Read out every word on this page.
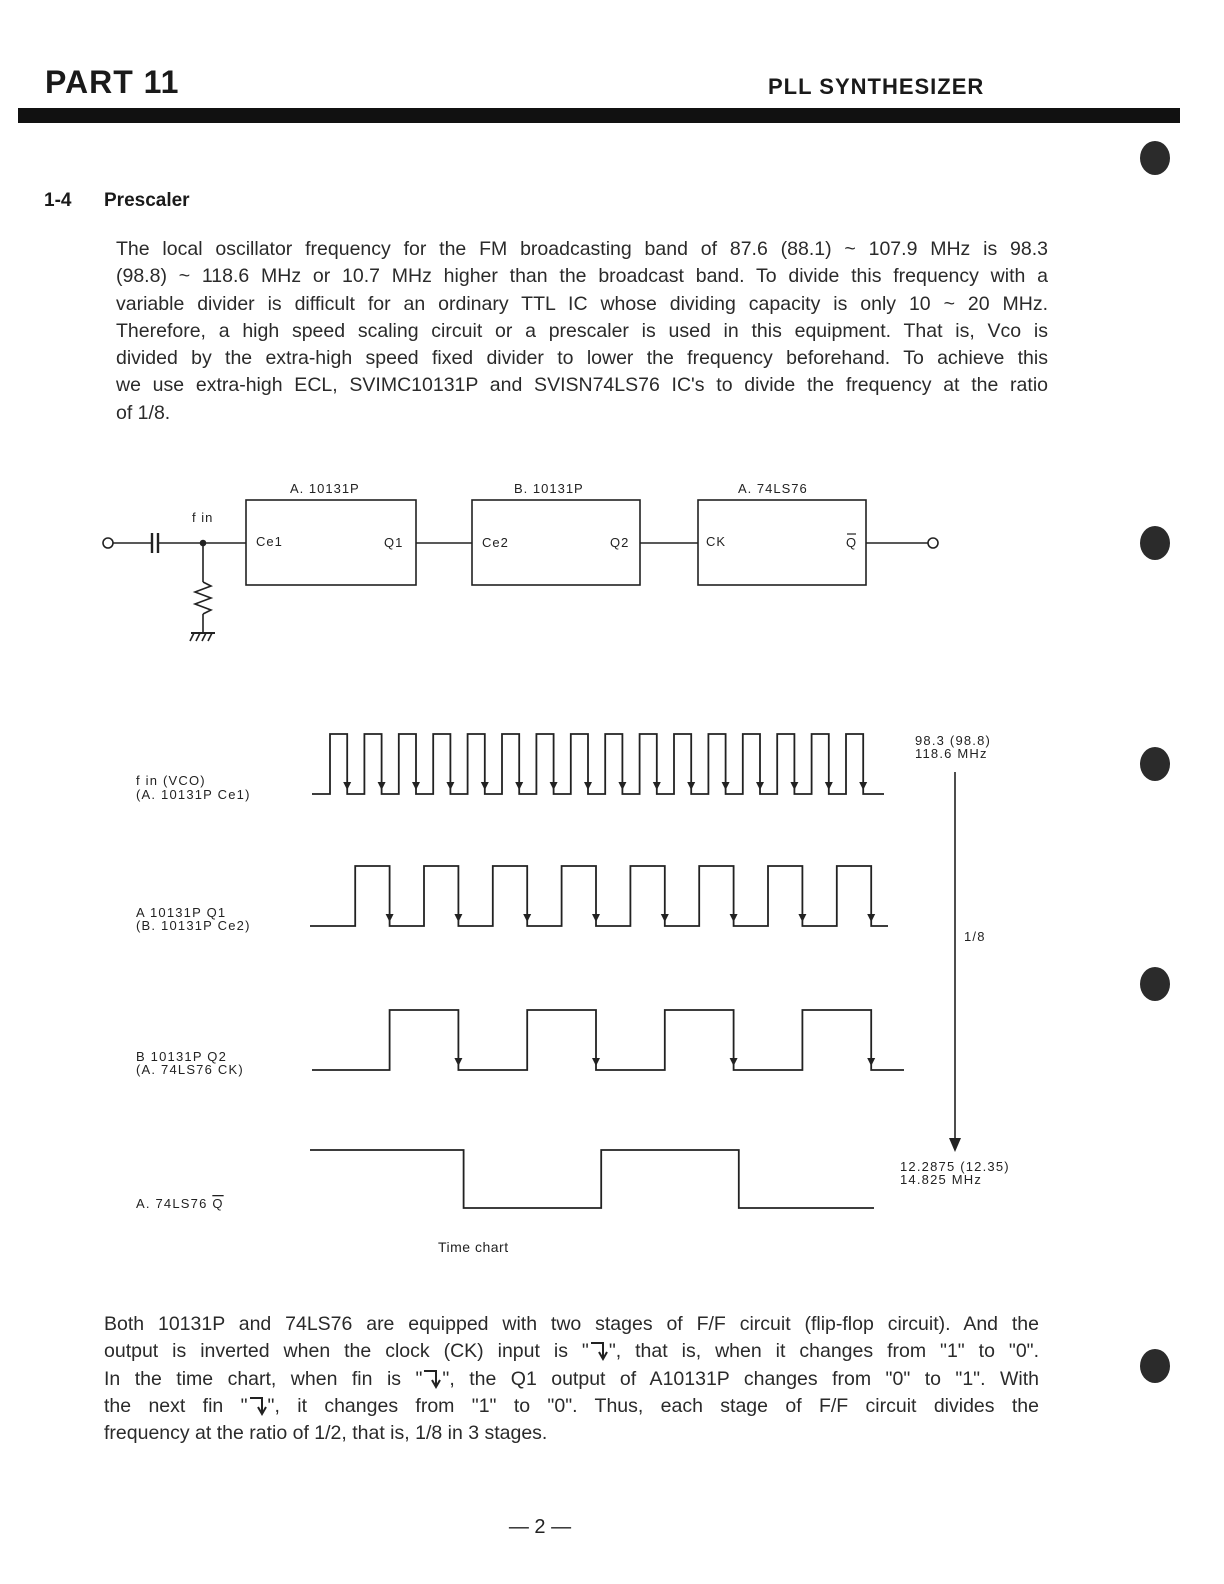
PART 11	PLL SYNTHESIZER
1-4 Prescaler
The local oscillator frequency for the FM broadcasting band of 87.6 (88.1) ~ 107.9 MHz is 98.3
(98.8) ~ 118.6 MHz or 10.7 MHz higher than the broadcast band. To divide this frequency with a
variable divider is difficult for an ordinary TTL IC whose dividing capacity is only 10 ~ 20 MHz.
Therefore, a high speed scaling circuit or a prescaler is used in this equipment. That is, Vco is
divided by the extra-high speed fixed divider to lower the frequency beforehand. To achieve this
we use extra-high ECL, SVIMC10131P and SVISN74LS76 IC's to divide the frequency at the ratio
of 1/8.
f in
A. 10131P	B. 10131P	A. 74LS76
Ce1	Q1	Ce2	Q2	CK	Q
98.3 (98.8)
118.6 MHz
1/8
12.2875 (12.35)
14.825 MHz
f in (VCO)
(A. 10131P Ce1)
A 10131P Q1
(B. 10131P Ce2)
B 10131P Q2
(A. 74LS76 CK)
A. 74LS76 Q
Time chart
Both 10131P and 74LS76 are equipped with two stages of F/F circuit (flip-flop circuit). And the
output is inverted when the clock (CK) input is " ", that is, when it changes from "1" to "0".
In the time chart, when fin is " ", the Q1 output of A10131P changes from "0" to "1". With
the next fin " ", it changes from "1" to "0". Thus, each stage of F/F circuit divides the
frequency at the ratio of 1/2, that is, 1/8 in 3 stages.
— 2 —
